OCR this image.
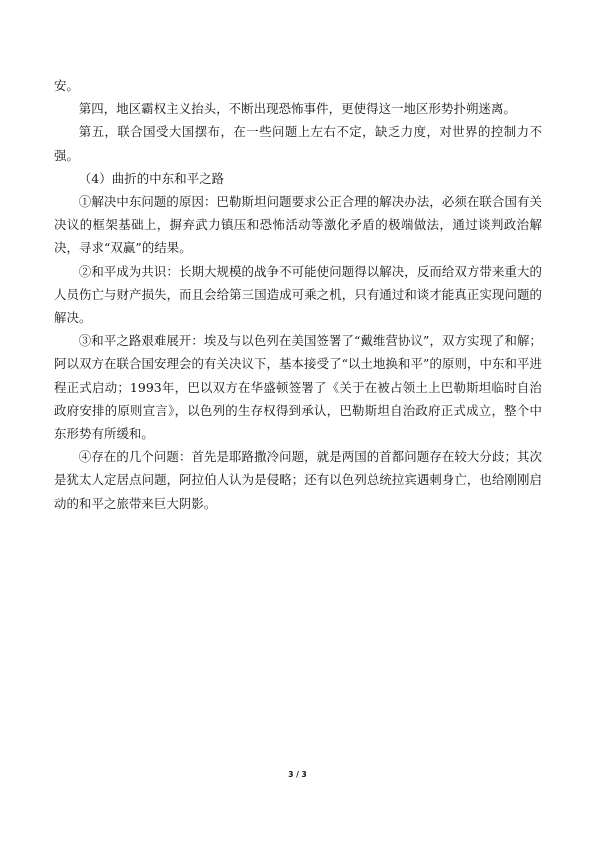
安。

第四，地区霸权主义抬头，不断出现恐怖事件，更使得这一地区形势扑朔迷离。

第五，联合国受大国摆布，在一些问题上左右不定，缺乏力度，对世界的控制力不强。

（4）曲折的中东和平之路

①解决中东问题的原因：巴勒斯坦问题要求公正合理的解决办法，必须在联合国有关决议的框架基础上，摒弃武力镇压和恐怖活动等激化矛盾的极端做法，通过谈判政治解决，寻求“双赢”的结果。

②和平成为共识：长期大规模的战争不可能使问题得以解决，反而给双方带来重大的人员伤亡与财产损失，而且会给第三国造成可乘之机，只有通过和谈才能真正实现问题的解决。

③和平之路艰难展开：埃及与以色列在美国签署了“戴维营协议”，双方实现了和解；阿以双方在联合国安理会的有关决议下，基本接受了“以土地换和平”的原则，中东和平进程正式启动；1993年，巴以双方在华盛顿签署了《关于在被占领土上巴勒斯坦临时自治政府安排的原则宣言》，以色列的生存权得到承认，巴勒斯坦自治政府正式成立，整个中东形势有所缓和。

④存在的几个问题：首先是耶路撒冷问题，就是两国的首都问题存在较大分歧；其次是犹太人定居点问题，阿拉伯人认为是侵略；还有以色列总统拉宾遇刺身亡，也给刚刚启动的和平之旅带来巨大阴影。

3 / 3
